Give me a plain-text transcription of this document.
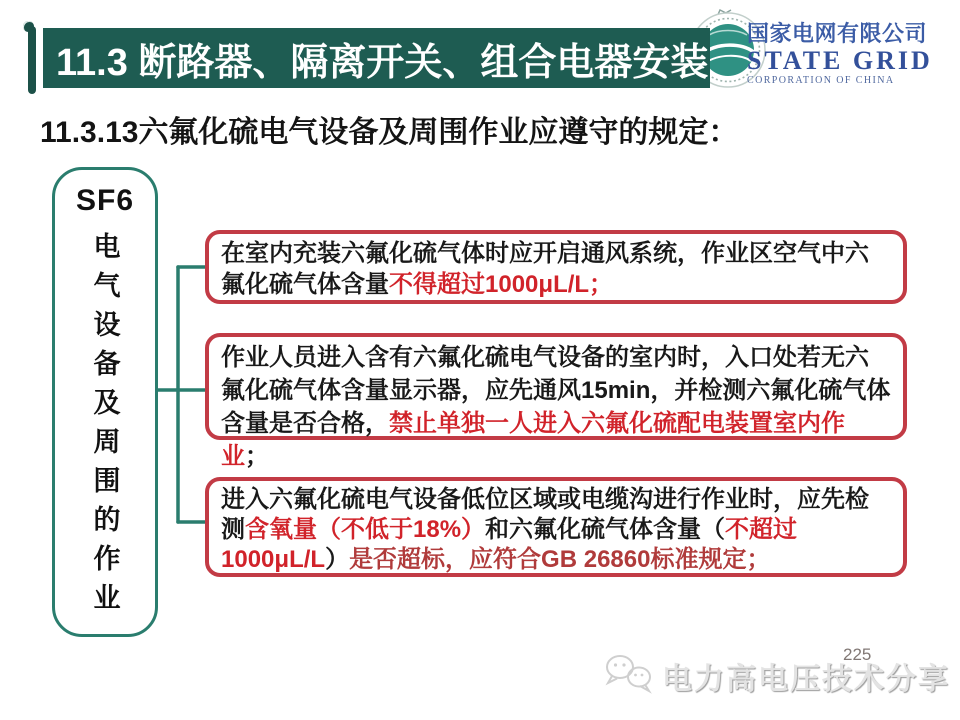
11.3 断路器、隔离开关、组合电器安装
国家电网有限公司
STATE GRID
CORPORATION OF CHINA
11.3.13六氟化硫电气设备及周围作业应遵守的规定：
SF6
电气设备及周围的作业	在室内充装六氟化硫气体时应开启通风系统，作业区空气中六氟化硫气体含量不得超过1000μL/L；
作业人员进入含有六氟化硫电气设备的室内时，入口处若无六氟化硫气体含量显示器，应先通风15min，并检测六氟化硫气体含量是否合格，禁止单独一人进入六氟化硫配电装置室内作业；
进入六氟化硫电气设备低位区域或电缆沟进行作业时，应先检测含氧量（不低于18%）和六氟化硫气体含量（不超过1000μL/L）是否超标，应符合GB 26860标准规定；
225
电力高电压技术分享
